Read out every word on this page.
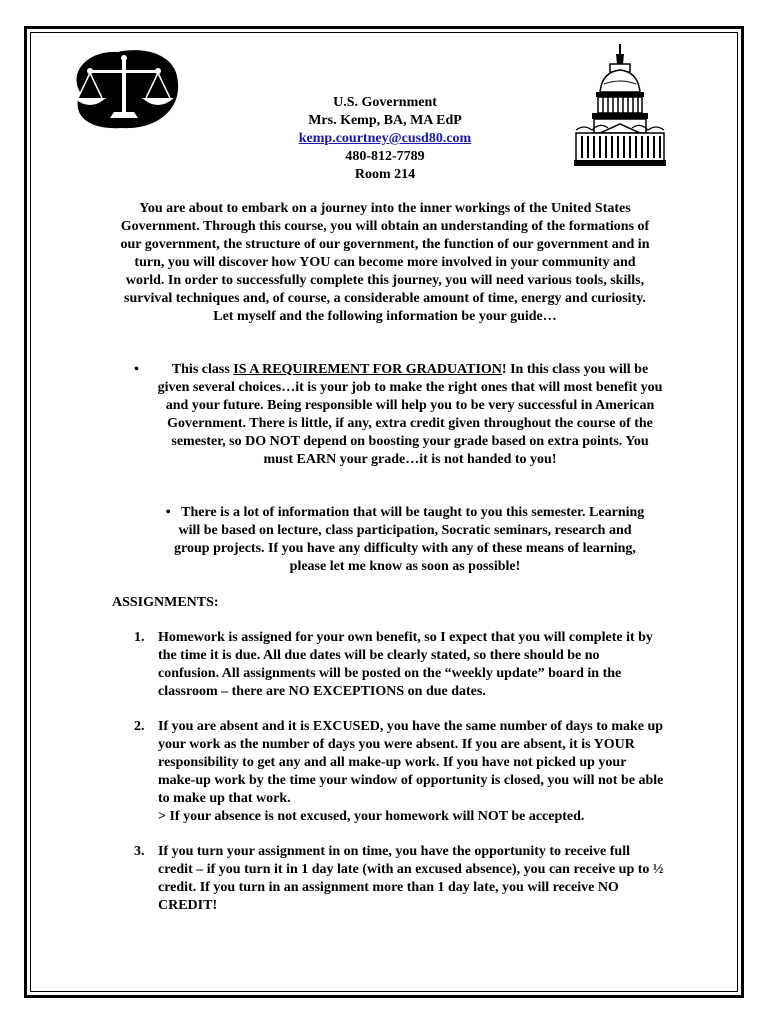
U.S. Government
Mrs. Kemp, BA, MA EdP
kemp.courtney@cusd80.com
480-812-7789
Room 214
You are about to embark on a journey into the inner workings of the United States Government. Through this course, you will obtain an understanding of the formations of our government, the structure of our government, the function of our government and in turn, you will discover how YOU can become more involved in your community and world. In order to successfully complete this journey, you will need various tools, skills, survival techniques and, of course, a considerable amount of time, energy and curiosity. Let myself and the following information be your guide…
•	This class IS A REQUIREMENT FOR GRADUATION! In this class you will be given several choices…it is your job to make the right ones that will most benefit you and your future. Being responsible will help you to be very successful in American Government. There is little, if any, extra credit given throughout the course of the semester, so DO NOT depend on boosting your grade based on extra points. You must EARN your grade…it is not handed to you!
• There is a lot of information that will be taught to you this semester. Learning will be based on lecture, class participation, Socratic seminars, research and group projects. If you have any difficulty with any of these means of learning, please let me know as soon as possible!
ASSIGNMENTS:
1. Homework is assigned for your own benefit, so I expect that you will complete it by the time it is due. All due dates will be clearly stated, so there should be no confusion. All assignments will be posted on the “weekly update” board in the classroom – there are NO EXCEPTIONS on due dates.
2. If you are absent and it is EXCUSED, you have the same number of days to make up your work as the number of days you were absent. If you are absent, it is YOUR responsibility to get any and all make-up work. If you have not picked up your make-up work by the time your window of opportunity is closed, you will not be able to make up that work.
> If your absence is not excused, your homework will NOT be accepted.
3. If you turn your assignment in on time, you have the opportunity to receive full credit – if you turn it in 1 day late (with an excused absence), you can receive up to ½ credit. If you turn in an assignment more than 1 day late, you will receive NO CREDIT!
